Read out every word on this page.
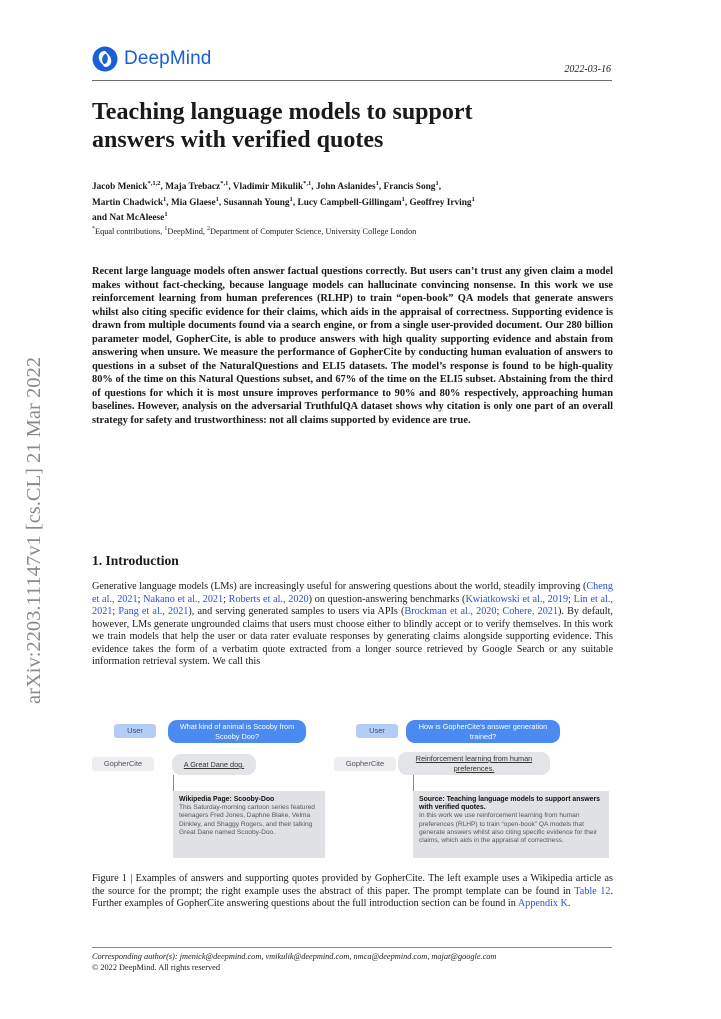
DeepMind
2022-03-16
Teaching language models to support
answers with verified quotes
Jacob Menick$^{*,1,2}$, Maja Trebacz$^{*,1}$, Vladimir Mikulik$^{*,1}$, John Aslanides$^1$, Francis Song$^1$,
Martin Chadwick$^1$, Mia Glaese$^1$, Susannah Young$^1$, Lucy Campbell-Gillingam$^1$, Geoffrey Irving$^1$
and Nat McAleese$^1$
*Equal contributions, $^1$DeepMind, $^2$Department of Computer Science, University College London
Recent large language models often answer factual questions correctly. But users can’t trust any given claim a model makes without fact-checking, because language models can hallucinate convincing nonsense. In this work we use reinforcement learning from human preferences (RLHP) to train “open-book” QA models that generate answers whilst also citing specific evidence for their claims, which aids in the appraisal of correctness. Supporting evidence is drawn from multiple documents found via a search engine, or from a single user-provided document. Our 280 billion parameter model, GopherCite, is able to produce answers with high quality supporting evidence and abstain from answering when unsure. We measure the performance of GopherCite by conducting human evaluation of answers to questions in a subset of the NaturalQuestions and ELI5 datasets. The model’s response is found to be high-quality 80% of the time on this Natural Questions subset, and 67% of the time on the ELI5 subset. Abstaining from the third of questions for which it is most unsure improves performance to 90% and 80% respectively, approaching human baselines. However, analysis on the adversarial TruthfulQA dataset shows why citation is only one part of an overall strategy for safety and trustworthiness: not all claims supported by evidence are true.
arXiv:2203.11147v1 [cs.CL] 21 Mar 2022	1. Introduction
Generative language models (LMs) are increasingly useful for answering questions about the world, steadily improving (Cheng et al., 2021; Nakano et al., 2021; Roberts et al., 2020) on question-answering benchmarks (Kwiatkowski et al., 2019; Lin et al., 2021; Pang et al., 2021), and serving generated samples to users via APIs (Brockman et al., 2020; Cohere, 2021). By default, however, LMs generate ungrounded claims that users must choose either to blindly accept or to verify themselves. In this work we train models that help the user or data rater evaluate responses by generating claims alongside supporting evidence. This evidence takes the form of a verbatim quote extracted from a longer source retrieved by Google Search or any suitable information retrieval system. We call this
User	What kind of animal is Scooby from Scooby Doo?
GopherCite	A Great Dane dog.
Wikipedia Page: Scooby-Doo
This Saturday-morning cartoon series featured teenagers Fred Jones, Daphne Blake, Velma Dinkley, and Shaggy Rogers, and their talking Great Dane named Scooby-Doo.
User	How is GopherCite’s answer generation trained?
GopherCite
Reinforcement learning from human preferences.
Source: Teaching language models to support answers with verified quotes.
In this work we use reinforcement learning from human preferences (RLHP) to train “open-book” QA models that generate answers whilst also citing specific evidence for their claims, which aids in the appraisal of correctness.
Figure 1 | Examples of answers and supporting quotes provided by GopherCite. The left example uses a Wikipedia article as the source for the prompt; the right example uses the abstract of this paper. The prompt template can be found in Table 12. Further examples of GopherCite answering questions about the full introduction section can be found in Appendix K.
Corresponding author(s): jmenick@deepmind.com, vmikulik@deepmind.com, nmca@deepmind.com, majat@google.com
© 2022 DeepMind. All rights reserved
